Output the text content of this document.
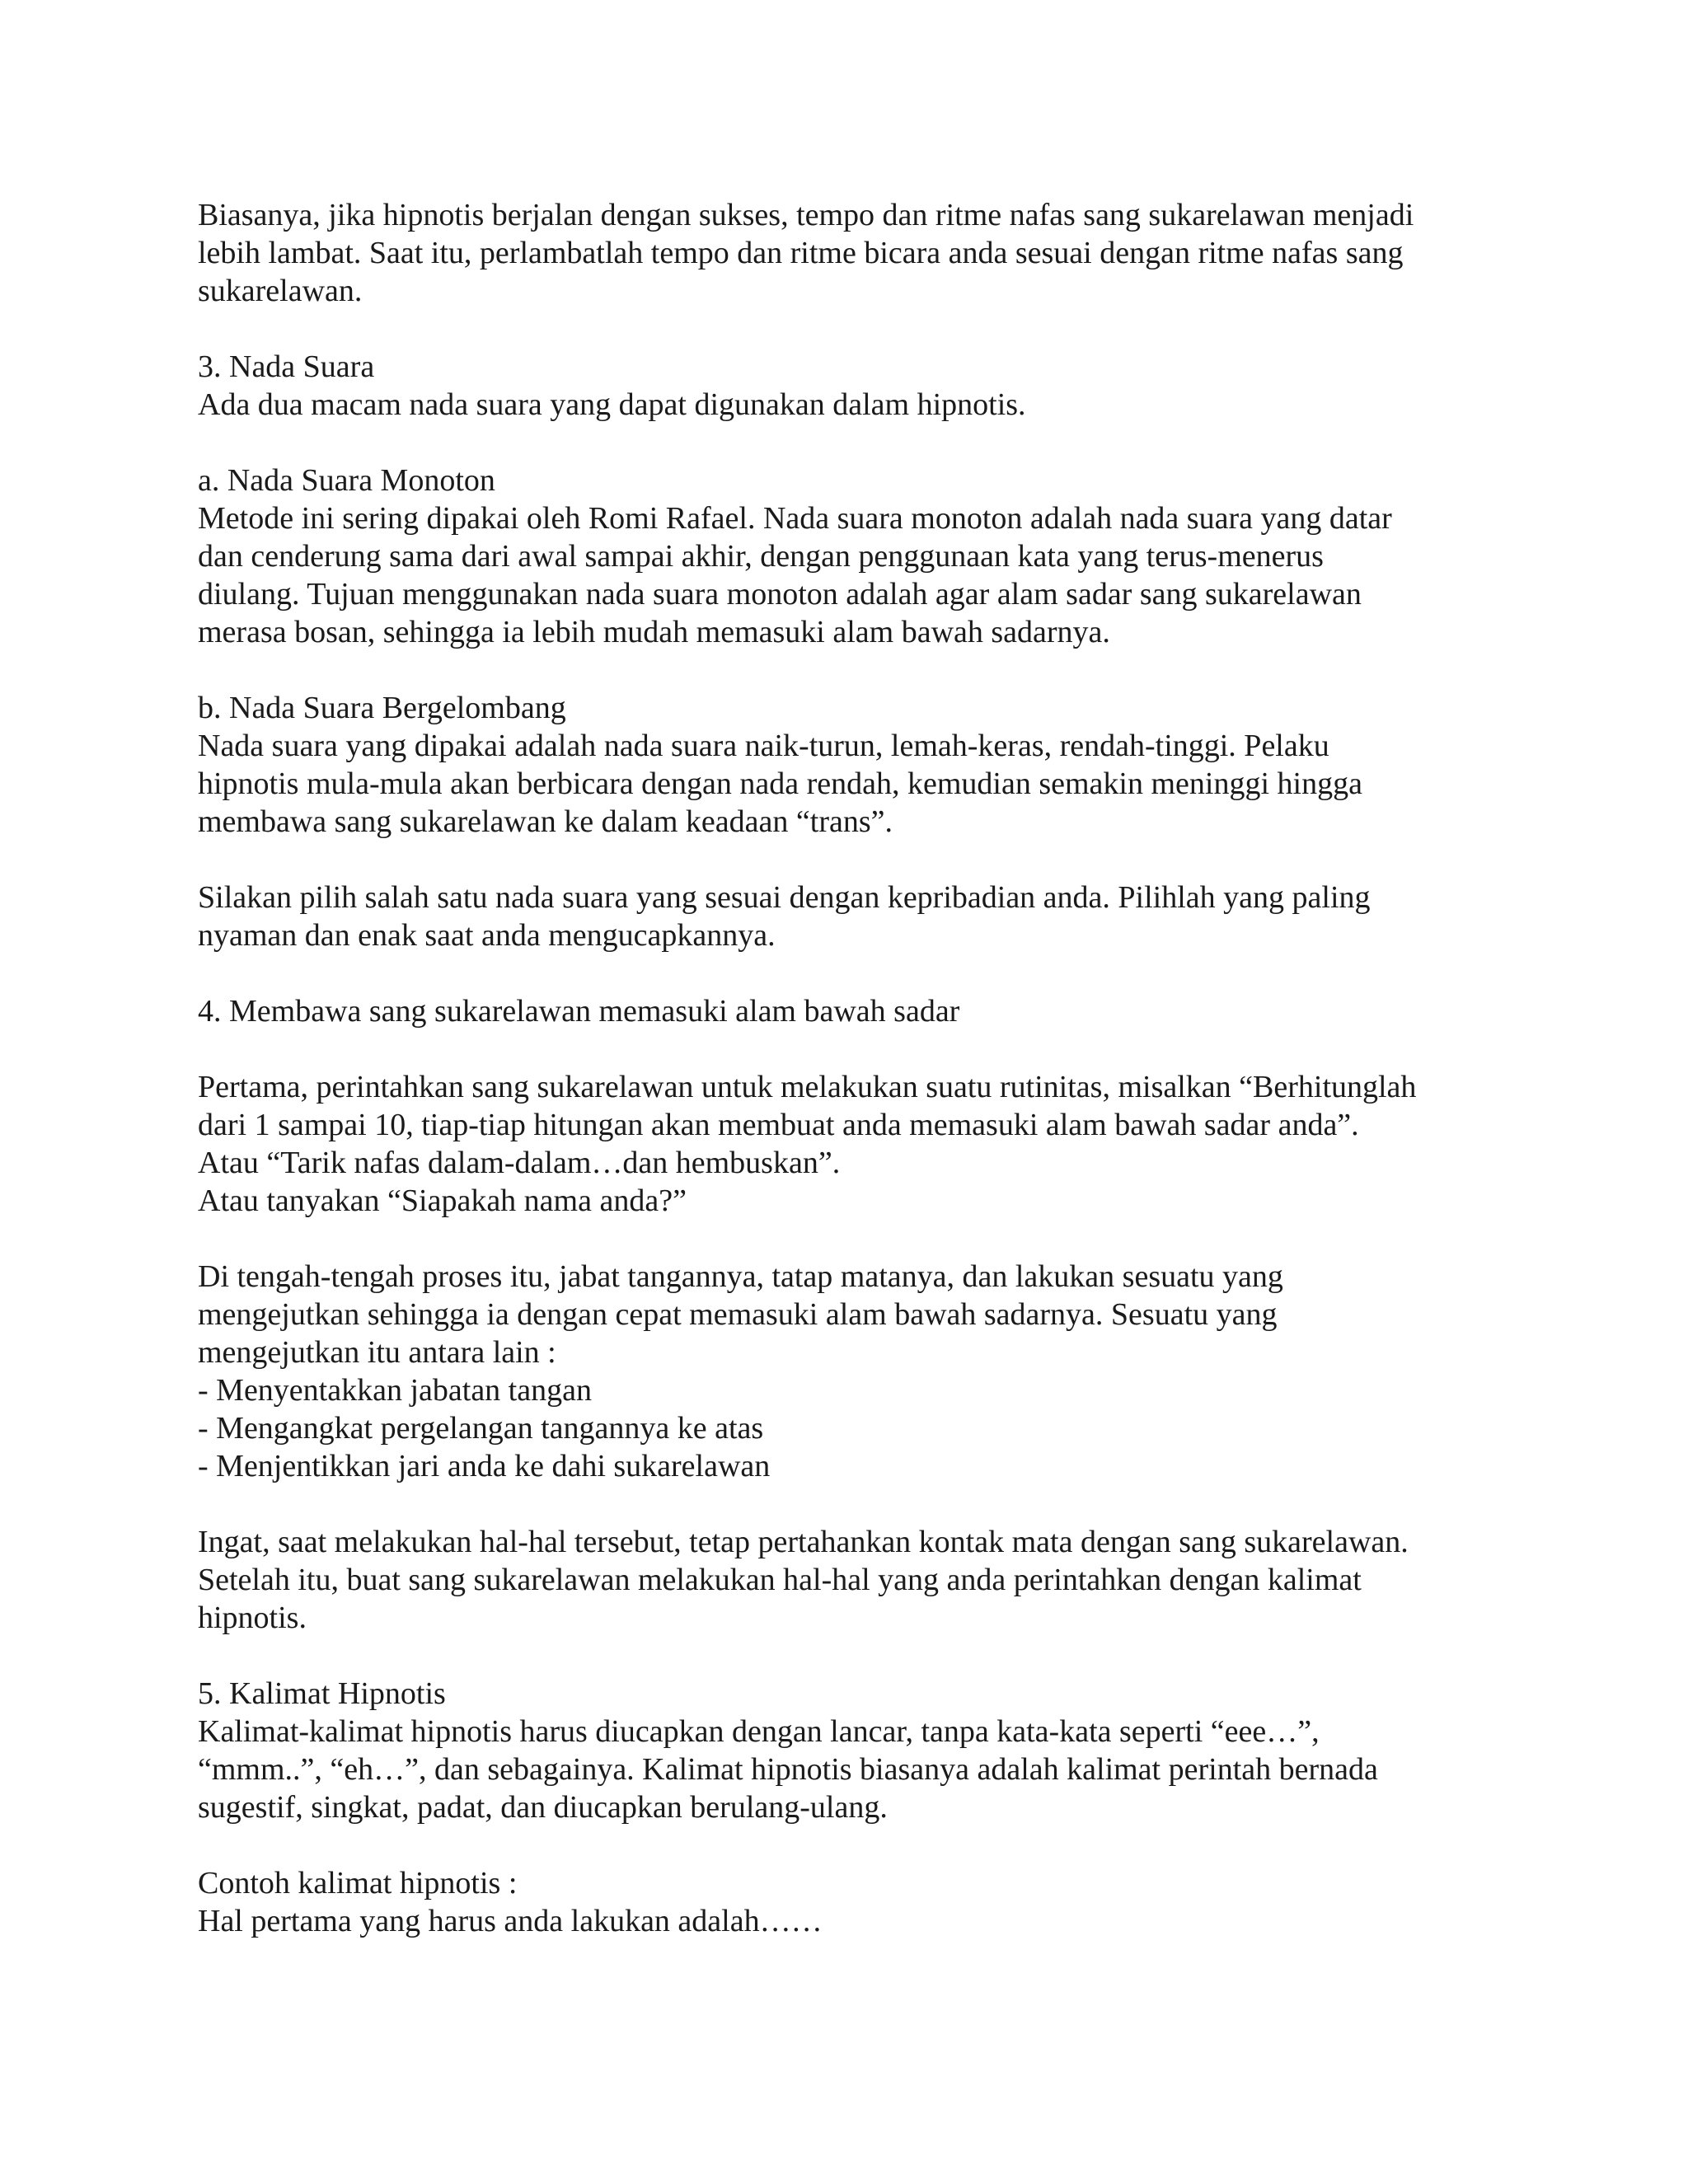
Biasanya, jika hipnotis berjalan dengan sukses, tempo dan ritme nafas sang sukarelawan menjadi
lebih lambat. Saat itu, perlambatlah tempo dan ritme bicara anda sesuai dengan ritme nafas sang
sukarelawan.
3. Nada Suara
Ada dua macam nada suara yang dapat digunakan dalam hipnotis.
a. Nada Suara Monoton
Metode ini sering dipakai oleh Romi Rafael. Nada suara monoton adalah nada suara yang datar
dan cenderung sama dari awal sampai akhir, dengan penggunaan kata yang terus-menerus
diulang. Tujuan menggunakan nada suara monoton adalah agar alam sadar sang sukarelawan
merasa bosan, sehingga ia lebih mudah memasuki alam bawah sadarnya.
b. Nada Suara Bergelombang
Nada suara yang dipakai adalah nada suara naik-turun, lemah-keras, rendah-tinggi. Pelaku
hipnotis mula-mula akan berbicara dengan nada rendah, kemudian semakin meninggi hingga
membawa sang sukarelawan ke dalam keadaan “trans”.
Silakan pilih salah satu nada suara yang sesuai dengan kepribadian anda. Pilihlah yang paling
nyaman dan enak saat anda mengucapkannya.
4. Membawa sang sukarelawan memasuki alam bawah sadar
Pertama, perintahkan sang sukarelawan untuk melakukan suatu rutinitas, misalkan “Berhitunglah
dari 1 sampai 10, tiap-tiap hitungan akan membuat anda memasuki alam bawah sadar anda”.
Atau “Tarik nafas dalam-dalam…dan hembuskan”.
Atau tanyakan “Siapakah nama anda?”
Di tengah-tengah proses itu, jabat tangannya, tatap matanya, dan lakukan sesuatu yang
mengejutkan sehingga ia dengan cepat memasuki alam bawah sadarnya. Sesuatu yang
mengejutkan itu antara lain :
- Menyentakkan jabatan tangan
- Mengangkat pergelangan tangannya ke atas
- Menjentikkan jari anda ke dahi sukarelawan
Ingat, saat melakukan hal-hal tersebut, tetap pertahankan kontak mata dengan sang sukarelawan.
Setelah itu, buat sang sukarelawan melakukan hal-hal yang anda perintahkan dengan kalimat
hipnotis.
5. Kalimat Hipnotis
Kalimat-kalimat hipnotis harus diucapkan dengan lancar, tanpa kata-kata seperti “eee…”,
“mmm..”, “eh…”, dan sebagainya. Kalimat hipnotis biasanya adalah kalimat perintah bernada
sugestif, singkat, padat, dan diucapkan berulang-ulang.
Contoh kalimat hipnotis :
Hal pertama yang harus anda lakukan adalah……
